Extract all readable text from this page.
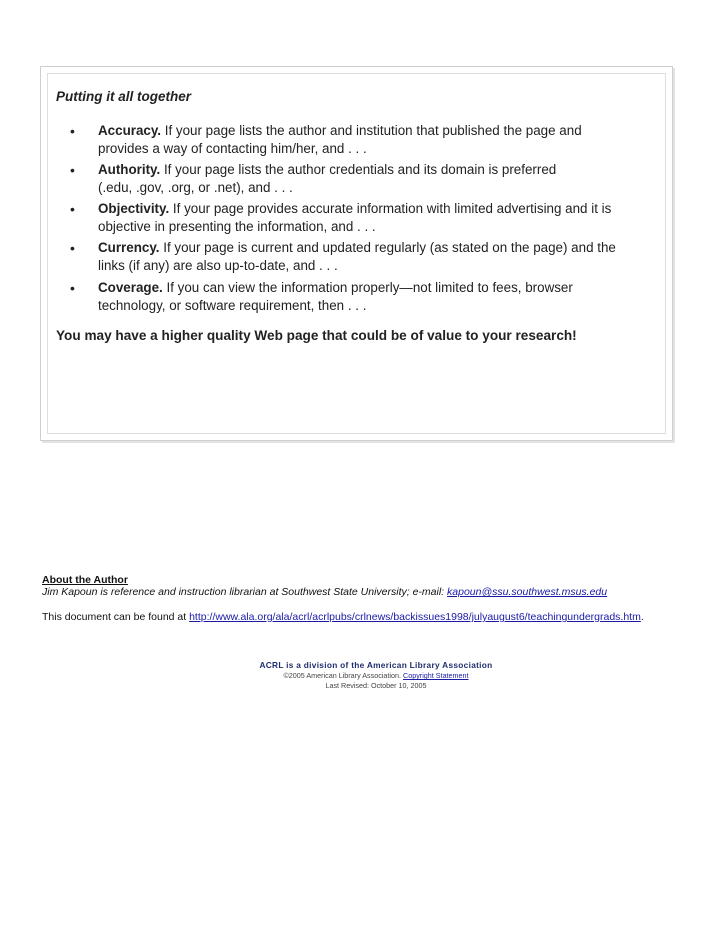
Putting it all together
•	Accuracy. If your page lists the author and institution that published the page and
provides a way of contacting him/her, and . . .
•	Authority. If your page lists the author credentials and its domain is preferred
(.edu, .gov, .org, or .net), and . . .
•	Objectivity. If your page provides accurate information with limited advertising and it is
objective in presenting the information, and . . .
•	Currency. If your page is current and updated regularly (as stated on the page) and the
links (if any) are also up-to-date, and . . .
•	Coverage. If you can view the information properly—not limited to fees, browser
technology, or software requirement, then . . .
You may have a higher quality Web page that could be of value to your research!
About the Author
Jim Kapoun is reference and instruction librarian at Southwest State University; e-mail: kapoun@ssu.southwest.msus.edu
This document can be found at http://www.ala.org/ala/acrl/acrlpubs/crlnews/backissues1998/julyaugust6/teachingundergrads.htm.
ACRL is a division of the American Library Association
©2005 American Library Association. Copyright Statement
Last Revised: October 10, 2005
